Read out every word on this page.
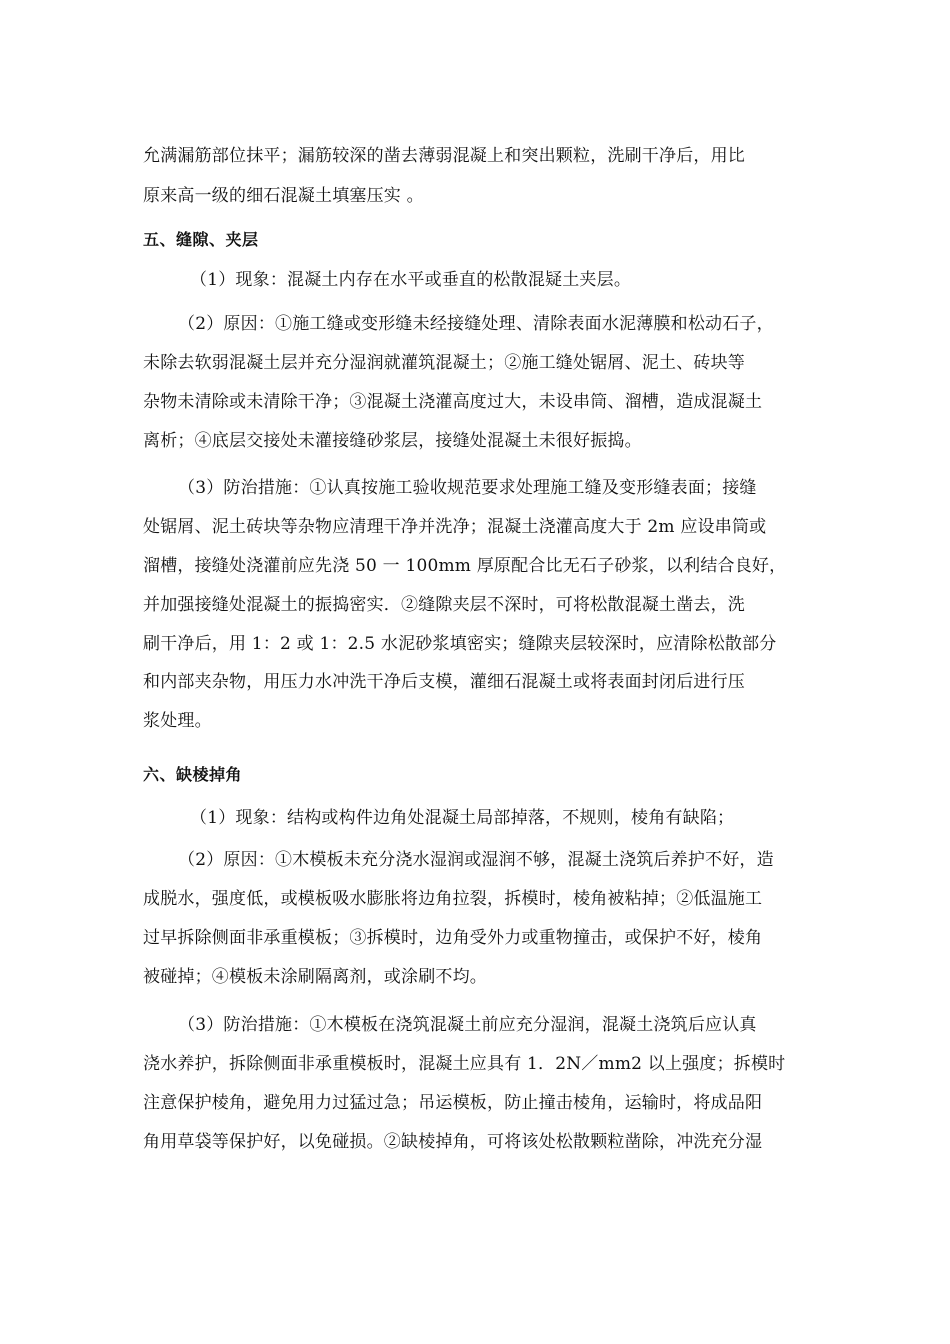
允满漏筋部位抹平；漏筋较深的凿去薄弱混凝上和突出颗粒，洗刷干净后，用比
原来高一级的细石混凝土填塞压实 。
五、缝隙、夹层
（1）现象：混凝土内存在水平或垂直的松散混疑土夹层。
（2）原因：①施工缝或变形缝未经接缝处理、清除表面水泥薄膜和松动石子，
未除去软弱混凝土层并充分湿润就灌筑混凝土；②施工缝处锯屑、泥土、砖块等
杂物未清除或未清除干净；③混凝土浇灌高度过大，未设串筒、溜槽，造成混凝土
离析；④底层交接处未灌接缝砂浆层，接缝处混凝土未很好振捣。
（3）防治措施：①认真按施工验收规范要求处理施工缝及变形缝表面；接缝
处锯屑、泥土砖块等杂物应清理干净并洗净；混凝土浇灌高度大于 2m 应设串筒或
溜槽，接缝处浇灌前应先浇 50 一 100mm 厚原配合比无石子砂浆，以利结合良好，
并加强接缝处混凝土的振捣密实．②缝隙夹层不深时，可将松散混凝土凿去，洗
刷干净后，用 1：2 或 1：2.5 水泥砂浆填密实；缝隙夹层较深时，应清除松散部分
和内部夹杂物，用压力水冲洗干净后支模，灌细石混凝土或将表面封闭后进行压
浆处理。
六、缺棱掉角
（1）现象：结构或构件边角处混凝土局部掉落，不规则，棱角有缺陷；
（2）原因：①木模板未充分浇水湿润或湿润不够，混凝土浇筑后养护不好，造
成脱水，强度低，或模板吸水膨胀将边角拉裂，拆模时，棱角被粘掉；②低温施工
过早拆除侧面非承重模板；③拆模时，边角受外力或重物撞击，或保护不好，棱角
被碰掉；④模板未涂刷隔离剂，或涂刷不均。
（3）防治措施：①木模板在浇筑混凝土前应充分湿润，混凝土浇筑后应认真
浇水养护，拆除侧面非承重模板时，混凝土应具有 1．2N／mm2 以上强度；拆模时
注意保护棱角，避免用力过猛过急；吊运模板，防止撞击棱角，运输时，将成品阳
角用草袋等保护好，以免碰损。②缺棱掉角，可将该处松散颗粒凿除，冲洗充分湿
